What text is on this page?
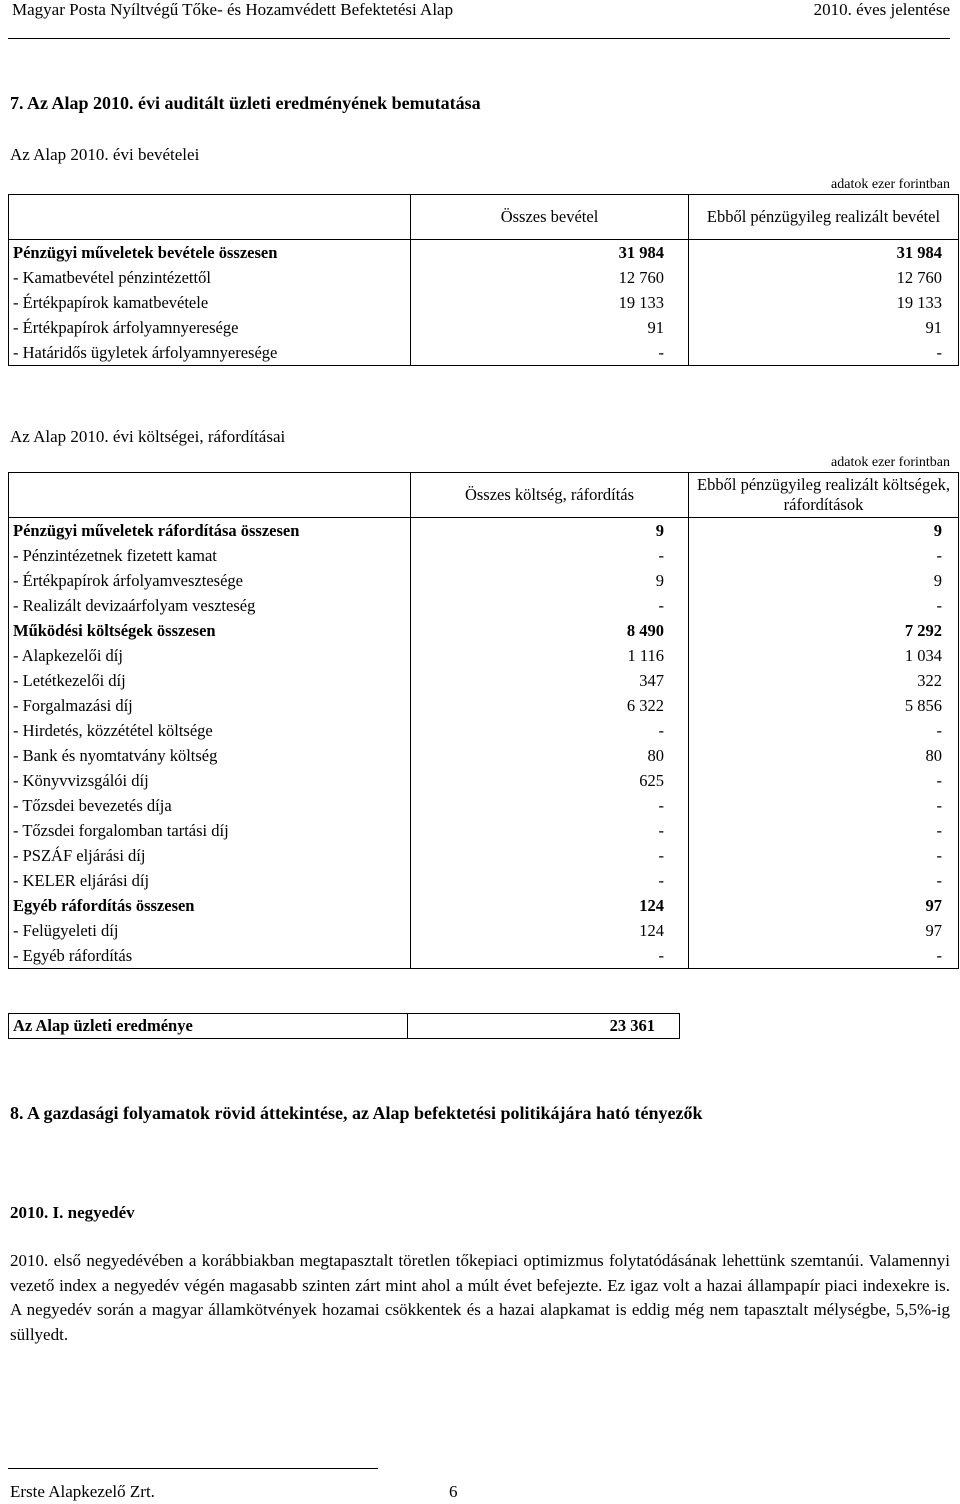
Magyar Posta Nyíltvégű Tőke- és Hozamvédett Befektetési Alap	2010. éves jelentése
7. Az Alap 2010. évi auditált üzleti eredményének bemutatása
Az Alap 2010. évi bevételei
adatok ezer forintban
	Összes bevétel	Ebből pénzügyileg realizált bevétel
Pénzügyi műveletek bevétele összesen	31 984	31 984
- Kamatbevétel pénzintézettől	12 760	12 760
- Értékpapírok kamatbevétele	19 133	19 133
- Értékpapírok árfolyamnyeresége	91	91
- Határidős ügyletek árfolyamnyeresége	-	-
Az Alap 2010. évi költségei, ráfordításai
adatok ezer forintban
	Összes költség, ráfordítás	Ebből pénzügyileg realizált költségek, ráfordítások
Pénzügyi műveletek ráfordítása összesen	9	9
- Pénzintézetnek fizetett kamat	-	-
- Értékpapírok árfolyamvesztesége	9	9
- Realizált devizaárfolyam veszteség	-	-
Működési költségek összesen	8 490	7 292
- Alapkezelői díj	1 116	1 034
- Letétkezelői díj	347	322
- Forgalmazási díj	6 322	5 856
- Hirdetés, közzététel költsége	-	-
- Bank és nyomtatvány költség	80	80
- Könyvvizsgálói díj	625	-
- Tőzsdei bevezetés díja	-	-
- Tőzsdei forgalomban tartási díj	-	-
- PSZÁF eljárási díj	-	-
- KELER eljárási díj	-	-
Egyéb ráfordítás összesen	124	97
- Felügyeleti díj	124	97
- Egyéb ráfordítás	-	-
Az Alap üzleti eredménye	23 361
8. A gazdasági folyamatok rövid áttekintése, az Alap befektetési politikájára ható tényezők
2010. I. negyedév
2010. első negyedévében a korábbiakban megtapasztalt töretlen tőkepiaci optimizmus folytatódásának lehettünk szemtanúi. Valamennyi vezető index a negyedév végén magasabb szinten zárt mint ahol a múlt évet befejezte. Ez igaz volt a hazai állampapír piaci indexekre is. A negyedév során a magyar államkötvények hozamai csökkentek és a hazai alapkamat is eddig még nem tapasztalt mélységbe, 5,5%-ig süllyedt.
Erste Alapkezelő Zrt.	6
